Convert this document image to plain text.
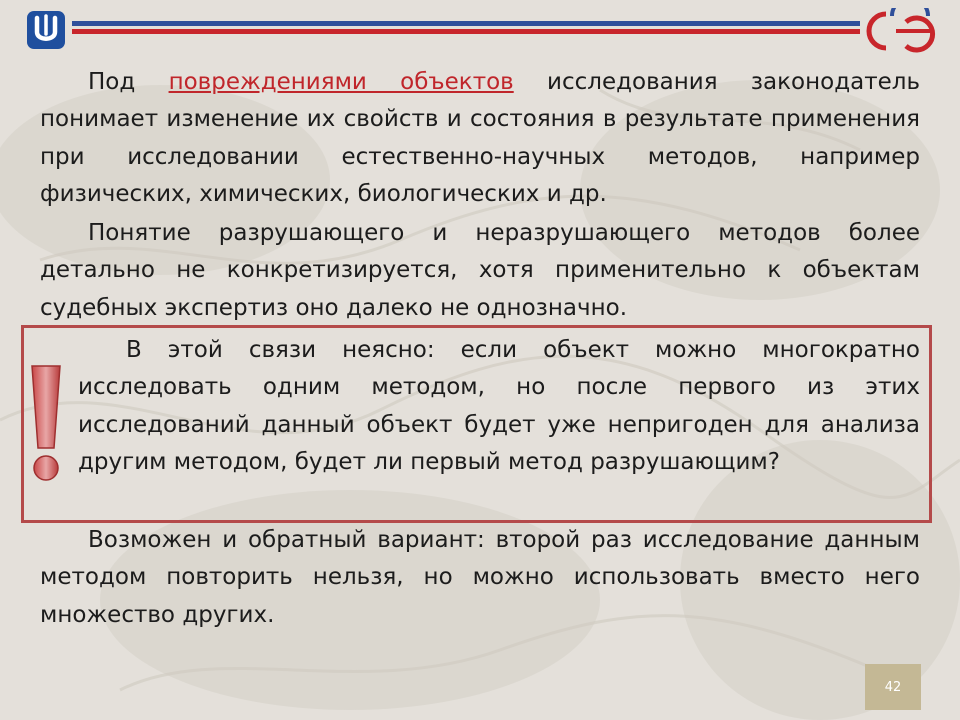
Под повреждениями объектов исследования законодатель понимает изменение их свойств и состояния в результате применения при исследовании естественно-научных методов, например физических, химических, биологических и др.

Понятие разрушающего и неразрушающего методов более детально не конкретизируется, хотя применительно к объектам судебных экспертиз оно далеко не однозначно.

В этой связи неясно: если объект можно многократно исследовать одним методом, но после первого из этих исследований данный объект будет уже непригоден для анализа другим методом, будет ли первый метод разрушающим?

Возможен и обратный вариант: второй раз исследование данным методом повторить нельзя, но можно использовать вместо него множество других.

42
